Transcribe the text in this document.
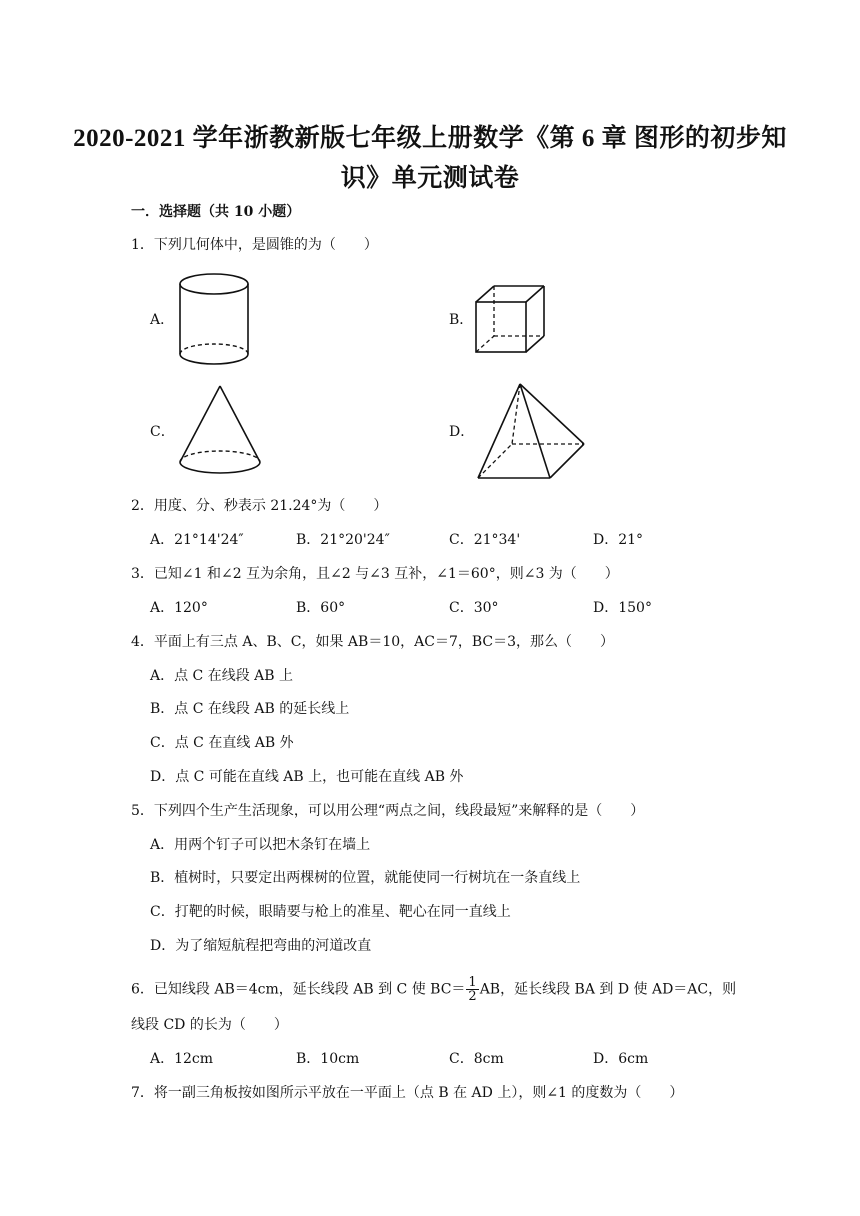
2020-2021 学年浙教新版七年级上册数学《第 6 章 图形的初步知
识》单元测试卷
一．选择题（共 10 小题）
1．下列几何体中，是圆锥的为（　　）
A．	B．
C．	D．
2．用度、分、秒表示 21.24°为（　　）
A．21°14'24″	B．21°20'24″	C．21°34'	D．21°
3．已知∠1 和∠2 互为余角，且∠2 与∠3 互补，∠1＝60°，则∠3 为（　　）
A．120°	B．60°	C．30°	D．150°
4．平面上有三点 A、B、C，如果 AB＝10，AC＝7，BC＝3，那么（　　）
A．点 C 在线段 AB 上
B．点 C 在线段 AB 的延长线上
C．点 C 在直线 AB 外
D．点 C 可能在直线 AB 上，也可能在直线 AB 外
5．下列四个生产生活现象，可以用公理“两点之间，线段最短”来解释的是（　　）
A．用两个钉子可以把木条钉在墙上
B．植树时，只要定出两棵树的位置，就能使同一行树坑在一条直线上
C．打靶的时候，眼睛要与枪上的准星、靶心在同一直线上
D．为了缩短航程把弯曲的河道改直
6．已知线段 AB＝4cm，延长线段 AB 到 C 使 $BC= \frac{1}{2}$ AB，延长线段 BA 到 D 使 AD＝AC，则
线段 CD 的长为（　　）
A．12cm	B．10cm	C．8cm	D．6cm
7．将一副三角板按如图所示平放在一平面上（点 B 在 AD 上），则∠1 的度数为（　　）
